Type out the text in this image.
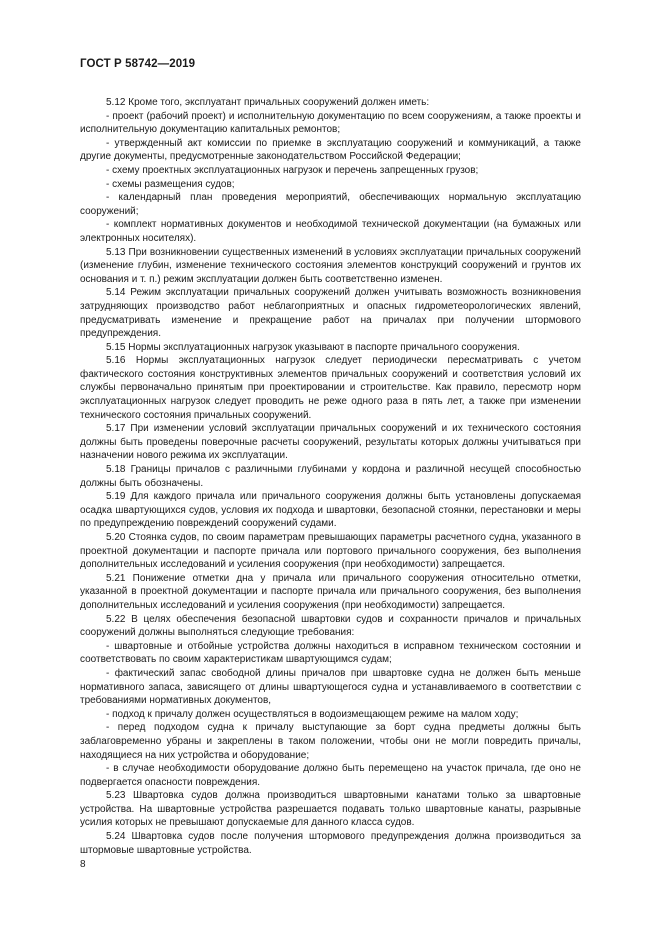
ГОСТ Р 58742—2019

5.12 Кроме того, эксплуатант причальных сооружений должен иметь:

- проект (рабочий проект) и исполнительную документацию по всем сооружениям, а также проекты и исполнительную документацию капитальных ремонтов;

- утвержденный акт комиссии по приемке в эксплуатацию сооружений и коммуникаций, а также другие документы, предусмотренные законодательством Российской Федерации;

- схему проектных эксплуатационных нагрузок и перечень запрещенных грузов;

- схемы размещения судов;

- календарный план проведения мероприятий, обеспечивающих нормальную эксплуатацию сооружений;

- комплект нормативных документов и необходимой технической документации (на бумажных или электронных носителях).

5.13 При возникновении существенных изменений в условиях эксплуатации причальных сооружений (изменение глубин, изменение технического состояния элементов конструкций сооружений и грунтов их основания и т. п.) режим эксплуатации должен быть соответственно изменен.

5.14 Режим эксплуатации причальных сооружений должен учитывать возможность возникновения затрудняющих производство работ неблагоприятных и опасных гидрометеорологических явлений, предусматривать изменение и прекращение работ на причалах при получении штормового предупреждения.

5.15 Нормы эксплуатационных нагрузок указывают в паспорте причального сооружения.

5.16 Нормы эксплуатационных нагрузок следует периодически пересматривать с учетом фактического состояния конструктивных элементов причальных сооружений и соответствия условий их службы первоначально принятым при проектировании и строительстве. Как правило, пересмотр норм эксплуатационных нагрузок следует проводить не реже одного раза в пять лет, а также при изменении технического состояния причальных сооружений.

5.17 При изменении условий эксплуатации причальных сооружений и их технического состояния должны быть проведены поверочные расчеты сооружений, результаты которых должны учитываться при назначении нового режима их эксплуатации.

5.18 Границы причалов с различными глубинами у кордона и различной несущей способностью должны быть обозначены.

5.19 Для каждого причала или причального сооружения должны быть установлены допускаемая осадка швартующихся судов, условия их подхода и швартовки, безопасной стоянки, перестановки и меры по предупреждению повреждений сооружений судами.

5.20 Стоянка судов, по своим параметрам превышающих параметры расчетного судна, указанного в проектной документации и паспорте причала или портового причального сооружения, без выполнения дополнительных исследований и усиления сооружения (при необходимости) запрещается.

5.21 Понижение отметки дна у причала или причального сооружения относительно отметки, указанной в проектной документации и паспорте причала или причального сооружения, без выполнения дополнительных исследований и усиления сооружения (при необходимости) запрещается.

5.22 В целях обеспечения безопасной швартовки судов и сохранности причалов и причальных сооружений должны выполняться следующие требования:

- швартовные и отбойные устройства должны находиться в исправном техническом состоянии и соответствовать по своим характеристикам швартующимся судам;

- фактический запас свободной длины причалов при швартовке судна не должен быть меньше нормативного запаса, зависящего от длины швартующегося судна и устанавливаемого в соответствии с требованиями нормативных документов,

- подход к причалу должен осуществляться в водоизмещающем режиме на малом ходу;

- перед подходом судна к причалу выступающие за борт судна предметы должны быть заблаговременно убраны и закреплены в таком положении, чтобы они не могли повредить причалы, находящиеся на них устройства и оборудование;

- в случае необходимости оборудование должно быть перемещено на участок причала, где оно не подвергается опасности повреждения.

5.23 Швартовка судов должна производиться швартовными канатами только за швартовные устройства. На швартовные устройства разрешается подавать только швартовные канаты, разрывные усилия которых не превышают допускаемые для данного класса судов.

5.24 Швартовка судов после получения штормового предупреждения должна производиться за штормовые швартовные устройства.

8
